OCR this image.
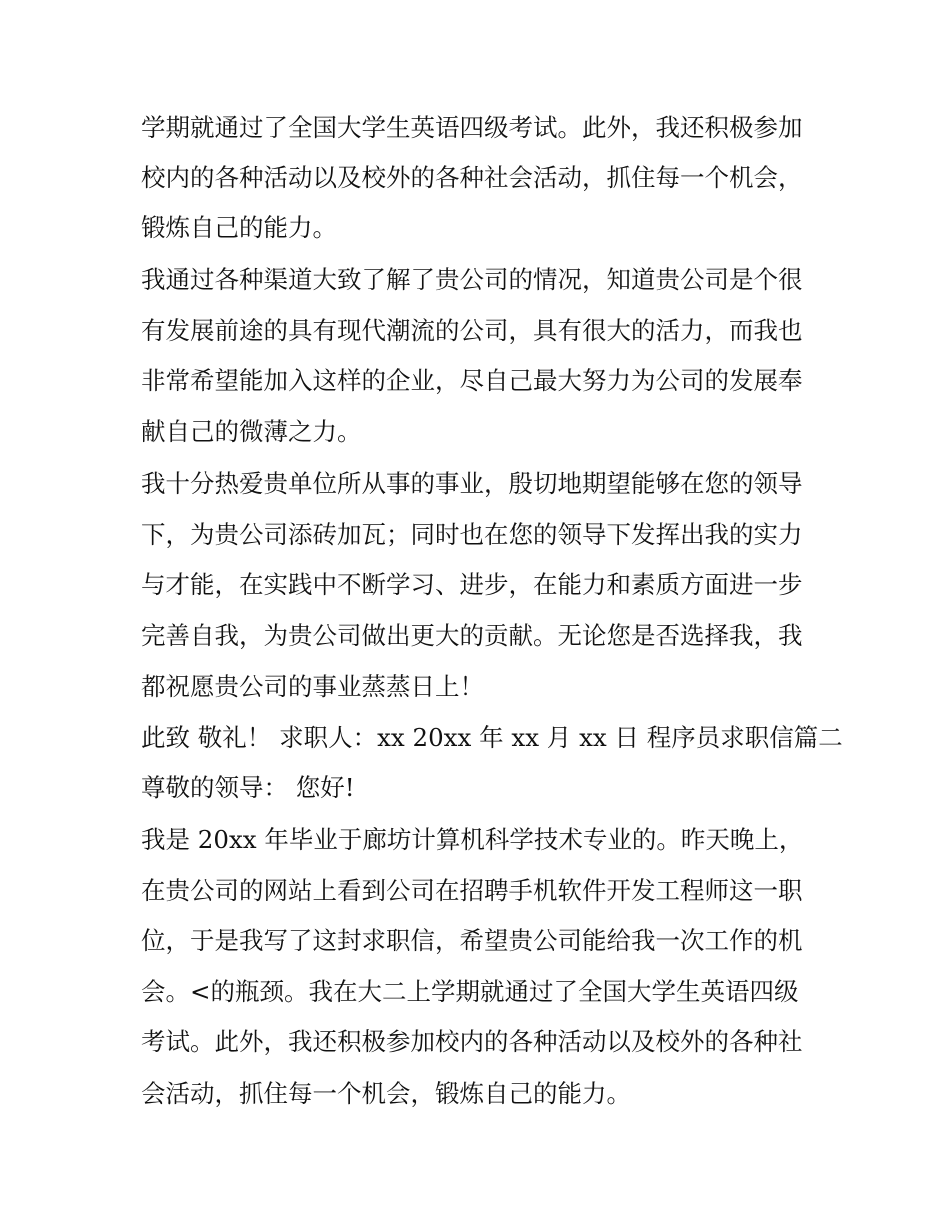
学期就通过了全国大学生英语四级考试。此外，我还积极参加
校内的各种活动以及校外的各种社会活动，抓住每一个机会，
锻炼自己的能力。
我通过各种渠道大致了解了贵公司的情况，知道贵公司是个很
有发展前途的具有现代潮流的公司，具有很大的活力，而我也
非常希望能加入这样的企业，尽自己最大努力为公司的发展奉
献自己的微薄之力。
我十分热爱贵单位所从事的事业，殷切地期望能够在您的领导
下，为贵公司添砖加瓦；同时也在您的领导下发挥出我的实力
与才能，在实践中不断学习、进步，在能力和素质方面进一步
完善自我，为贵公司做出更大的贡献。无论您是否选择我，我
都祝愿贵公司的事业蒸蒸日上！
此致 敬礼！ 求职人：xx 20xx 年 xx 月 xx 日 程序员求职信篇二
尊敬的领导： 您好!
我是 20xx 年毕业于廊坊计算机科学技术专业的。昨天晚上，
在贵公司的网站上看到公司在招聘手机软件开发工程师这一职
位，于是我写了这封求职信，希望贵公司能给我一次工作的机
会。<的瓶颈。我在大二上学期就通过了全国大学生英语四级
考试。此外，我还积极参加校内的各种活动以及校外的各种社
会活动，抓住每一个机会，锻炼自己的能力。
